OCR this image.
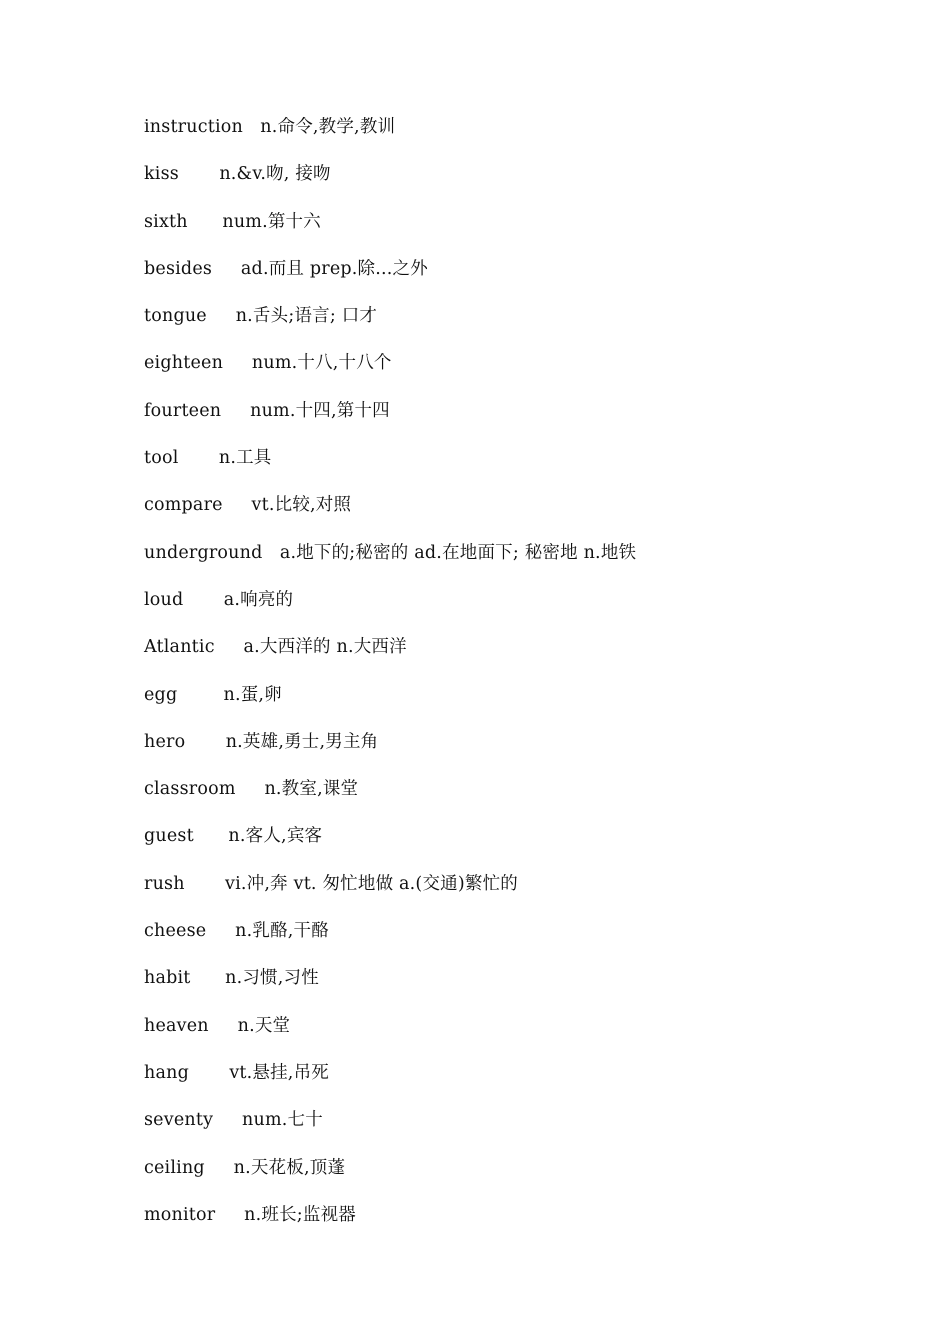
instruction n.命令,教学,教训
kiss n.&v.吻, 接吻
sixth num.第十六
besides ad.而且 prep.除...之外
tongue n.舌头;语言; 口才
eighteen num.十八,十八个
fourteen num.十四,第十四
tool n.工具
compare vt.比较,对照
underground a.地下的;秘密的 ad.在地面下; 秘密地 n.地铁
loud a.响亮的
Atlantic a.大西洋的 n.大西洋
egg	n.蛋,卵
hero n.英雄,勇士,男主角
classroom n.教室,课堂
guest n.客人,宾客
rush vi.冲,奔 vt. 匆忙地做 a.(交通)繁忙的
cheese n.乳酪,干酪
habit n.习惯,习性
heaven n.天堂
hang vt.悬挂,吊死
seventy num.七十
ceiling n.天花板,顶蓬
monitor n.班长;监视器
